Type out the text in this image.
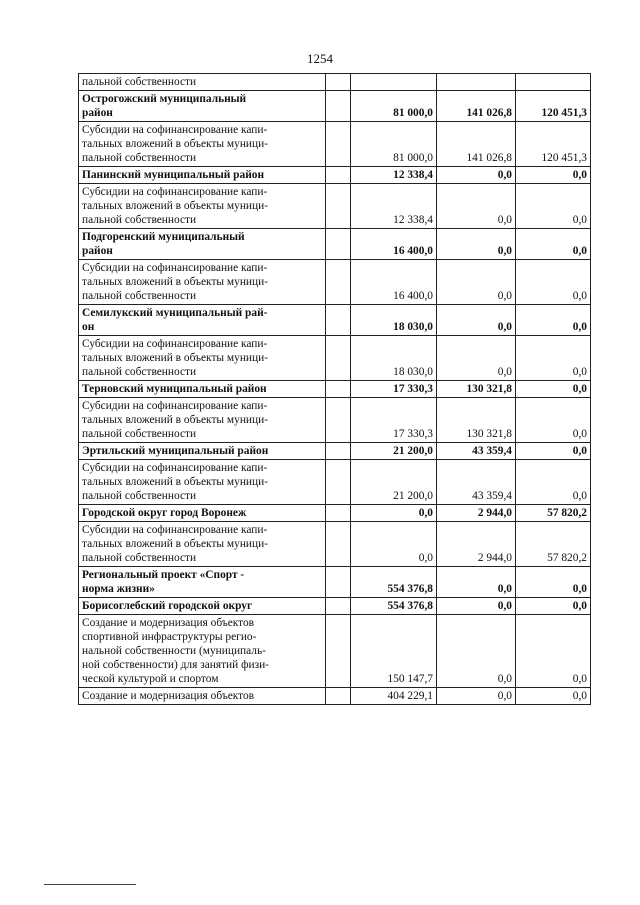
1254
пальной собственности				
Острогожский муниципальный
район		81 000,0	141 026,8	120 451,3
Субсидии на софинансирование капи-
тальных вложений в объекты муници-
пальной собственности		81 000,0	141 026,8	120 451,3
Панинский муниципальный район		12 338,4	0,0	0,0
Субсидии на софинансирование капи-
тальных вложений в объекты муници-
пальной собственности		12 338,4	0,0	0,0
Подгоренский муниципальный
район		16 400,0	0,0	0,0
Субсидии на софинансирование капи-
тальных вложений в объекты муници-
пальной собственности		16 400,0	0,0	0,0
Семилукский муниципальный рай-
он		18 030,0	0,0	0,0
Субсидии на софинансирование капи-
тальных вложений в объекты муници-
пальной собственности		18 030,0	0,0	0,0
Терновский муниципальный район		17 330,3	130 321,8	0,0
Субсидии на софинансирование капи-
тальных вложений в объекты муници-
пальной собственности		17 330,3	130 321,8	0,0
Эртильский муниципальный район		21 200,0	43 359,4	0,0
Субсидии на софинансирование капи-
тальных вложений в объекты муници-
пальной собственности		21 200,0	43 359,4	0,0
Городской округ город Воронеж		0,0	2 944,0	57 820,2
Субсидии на софинансирование капи-
тальных вложений в объекты муници-
пальной собственности		0,0	2 944,0	57 820,2
Региональный проект «Спорт -
норма жизни»		554 376,8	0,0	0,0
Борисоглебский городской округ		554 376,8	0,0	0,0
Создание и модернизация объектов
спортивной инфраструктуры регио-
нальной собственности (муниципаль-
ной собственности) для занятий физи-
ческой культурой и спортом		150 147,7	0,0	0,0
Создание и модернизация объектов		404 229,1	0,0	0,0
